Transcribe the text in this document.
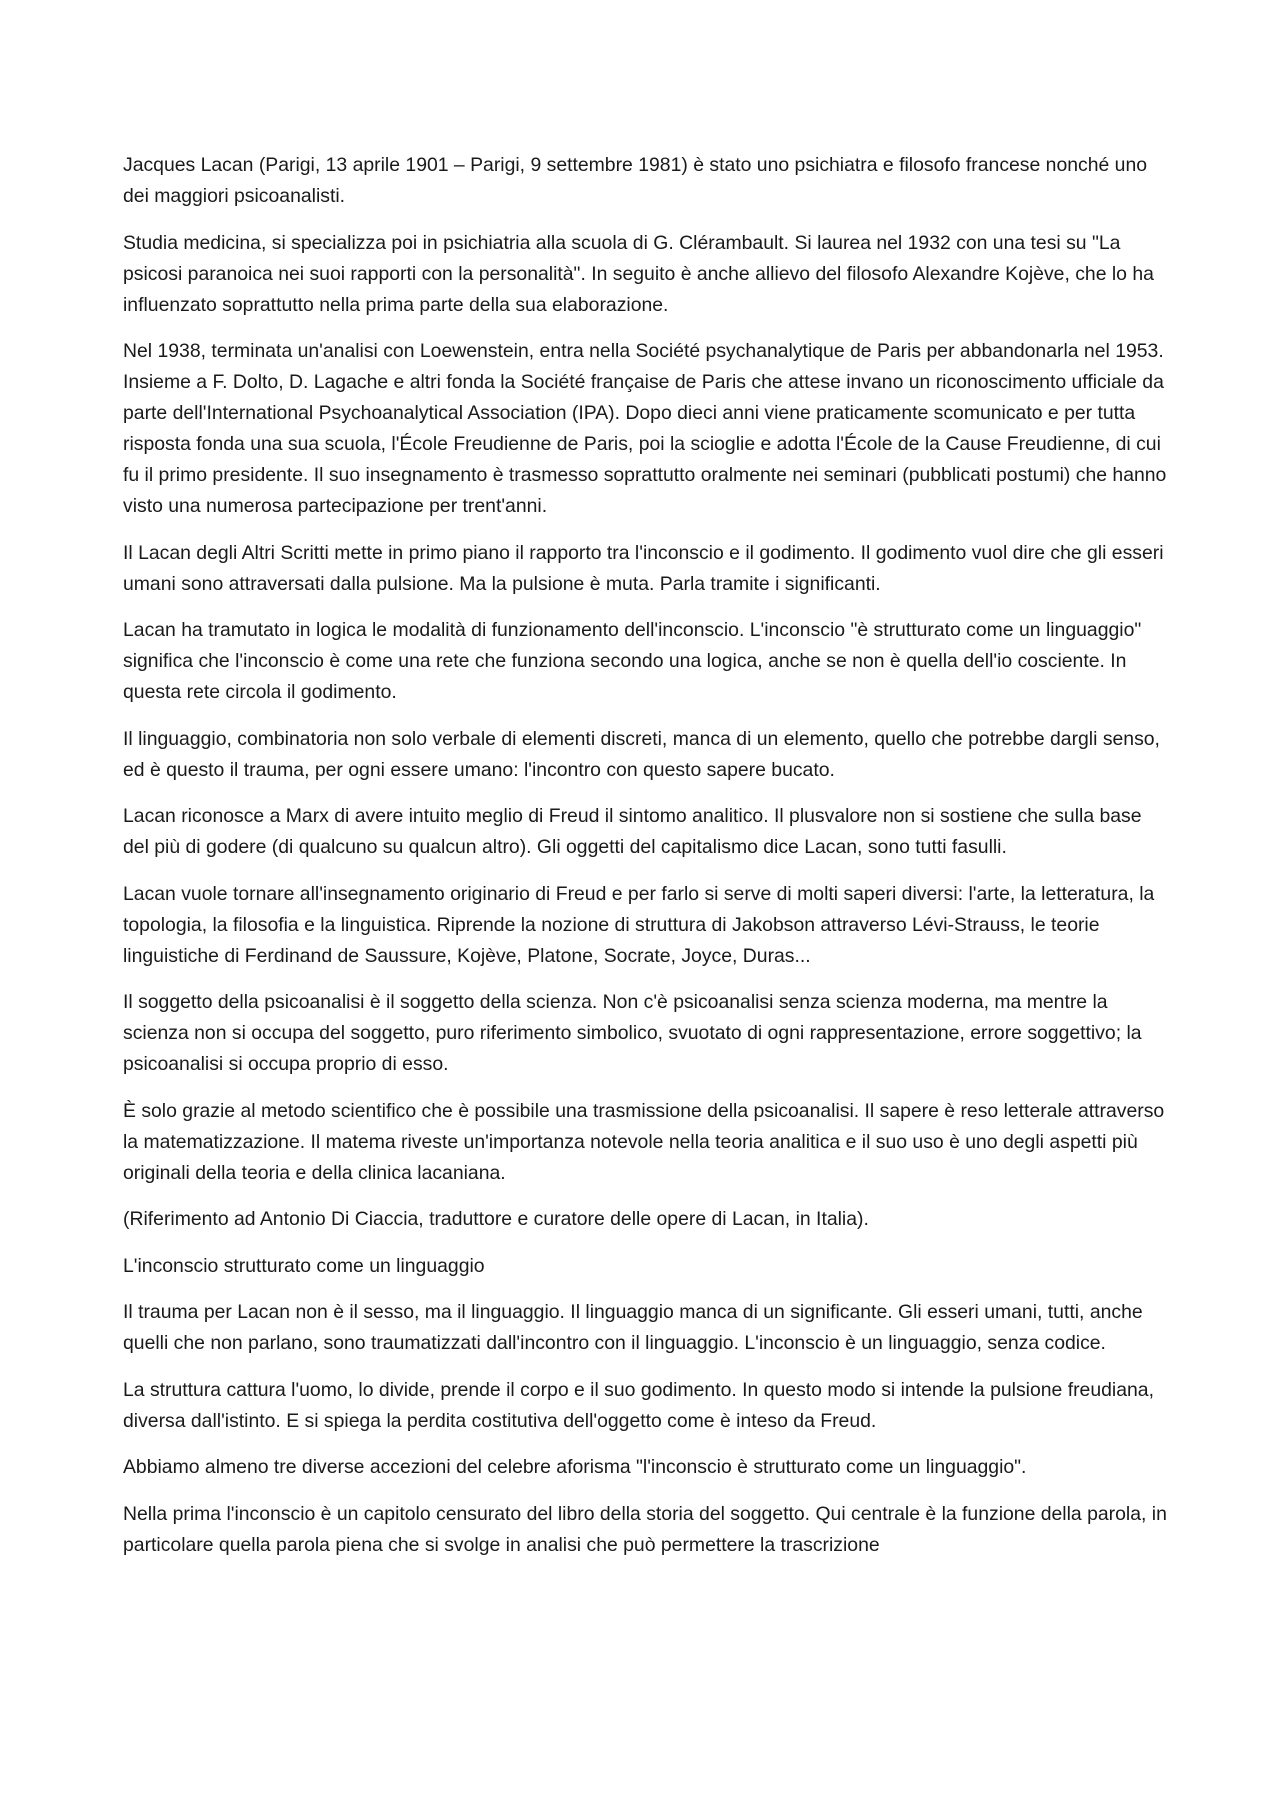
Jacques Lacan (Parigi, 13 aprile 1901 – Parigi, 9 settembre 1981) è stato uno psichiatra e filosofo francese nonché uno dei maggiori psicoanalisti.

Studia medicina, si specializza poi in psichiatria alla scuola di G. Clérambault. Si laurea nel 1932 con una tesi su "La psicosi paranoica nei suoi rapporti con la personalità". In seguito è anche allievo del filosofo Alexandre Kojève, che lo ha influenzato soprattutto nella prima parte della sua elaborazione.

Nel 1938, terminata un'analisi con Loewenstein, entra nella Société psychanalytique de Paris per abbandonarla nel 1953. Insieme a F. Dolto, D. Lagache e altri fonda la Société française de Paris che attese invano un riconoscimento ufficiale da parte dell'International Psychoanalytical Association (IPA). Dopo dieci anni viene praticamente scomunicato e per tutta risposta fonda una sua scuola, l'École Freudienne de Paris, poi la scioglie e adotta l'École de la Cause Freudienne, di cui fu il primo presidente. Il suo insegnamento è trasmesso soprattutto oralmente nei seminari (pubblicati postumi) che hanno visto una numerosa partecipazione per trent'anni.

Il Lacan degli Altri Scritti mette in primo piano il rapporto tra l'inconscio e il godimento. Il godimento vuol dire che gli esseri umani sono attraversati dalla pulsione. Ma la pulsione è muta. Parla tramite i significanti.

Lacan ha tramutato in logica le modalità di funzionamento dell'inconscio. L'inconscio "è strutturato come un linguaggio" significa che l'inconscio è come una rete che funziona secondo una logica, anche se non è quella dell'io cosciente. In questa rete circola il godimento.

Il linguaggio, combinatoria non solo verbale di elementi discreti, manca di un elemento, quello che potrebbe dargli senso, ed è questo il trauma, per ogni essere umano: l'incontro con questo sapere bucato.

Lacan riconosce a Marx di avere intuito meglio di Freud il sintomo analitico. Il plusvalore non si sostiene che sulla base del più di godere (di qualcuno su qualcun altro). Gli oggetti del capitalismo dice Lacan, sono tutti fasulli.

Lacan vuole tornare all'insegnamento originario di Freud e per farlo si serve di molti saperi diversi: l'arte, la letteratura, la topologia, la filosofia e la linguistica. Riprende la nozione di struttura di Jakobson attraverso Lévi-Strauss, le teorie linguistiche di Ferdinand de Saussure, Kojève, Platone, Socrate, Joyce, Duras...

Il soggetto della psicoanalisi è il soggetto della scienza. Non c'è psicoanalisi senza scienza moderna, ma mentre la scienza non si occupa del soggetto, puro riferimento simbolico, svuotato di ogni rappresentazione, errore soggettivo; la psicoanalisi si occupa proprio di esso.

È solo grazie al metodo scientifico che è possibile una trasmissione della psicoanalisi. Il sapere è reso letterale attraverso la matematizzazione. Il matema riveste un'importanza notevole nella teoria analitica e il suo uso è uno degli aspetti più originali della teoria e della clinica lacaniana.

(Riferimento ad Antonio Di Ciaccia, traduttore e curatore delle opere di Lacan, in Italia).

L'inconscio strutturato come un linguaggio

Il trauma per Lacan non è il sesso, ma il linguaggio. Il linguaggio manca di un significante. Gli esseri umani, tutti, anche quelli che non parlano, sono traumatizzati dall'incontro con il linguaggio. L'inconscio è un linguaggio, senza codice.

La struttura cattura l'uomo, lo divide, prende il corpo e il suo godimento. In questo modo si intende la pulsione freudiana, diversa dall'istinto. E si spiega la perdita costitutiva dell'oggetto come è inteso da Freud.

Abbiamo almeno tre diverse accezioni del celebre aforisma "l'inconscio è strutturato come un linguaggio".

Nella prima l'inconscio è un capitolo censurato del libro della storia del soggetto. Qui centrale è la funzione della parola, in particolare quella parola piena che si svolge in analisi che può permettere la trascrizione
